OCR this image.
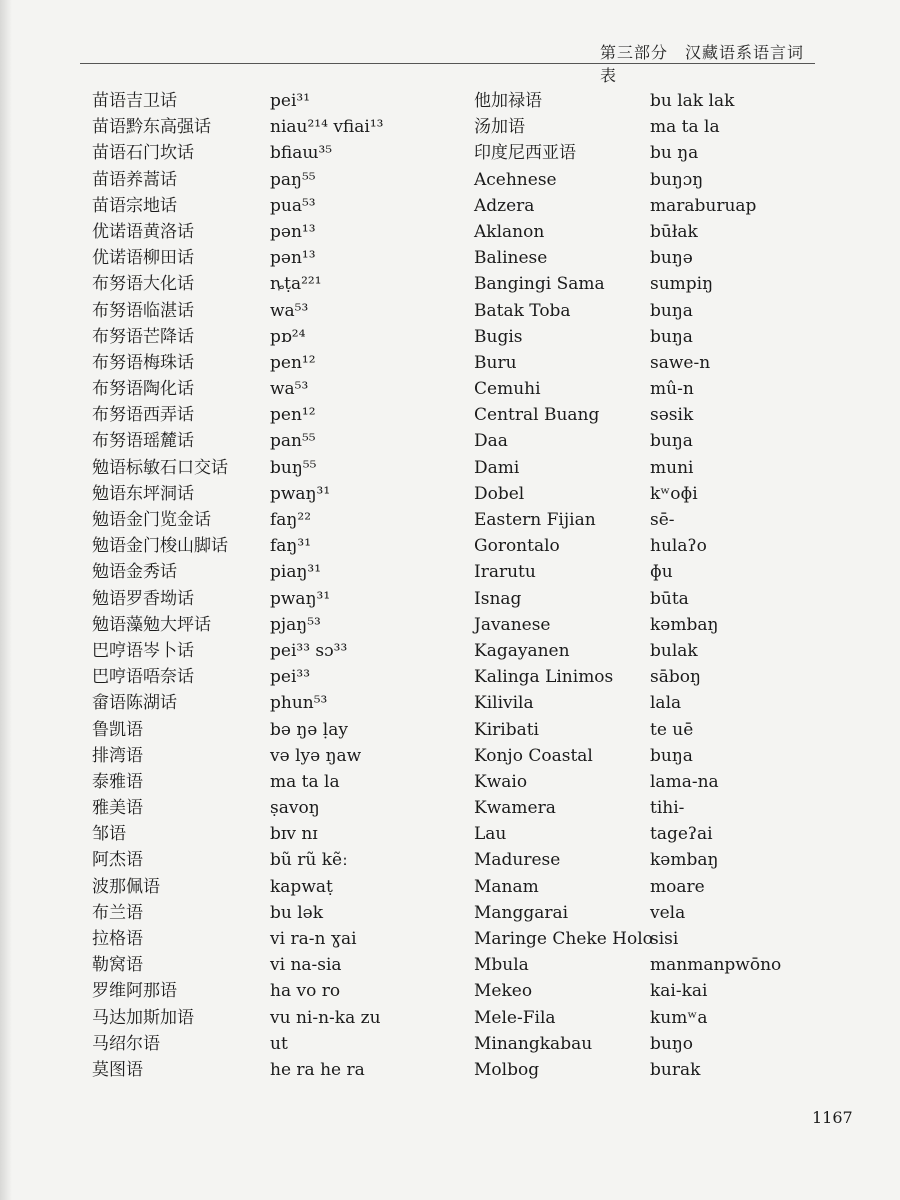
第三部分　汉藏语系语言词表
苗语吉卫话
苗语黔东高强话
苗语石门坎话
苗语养蒿话
苗语宗地话
优诺语黄洛话
优诺语柳田话
布努语大化话
布努语临湛话
布努语芒降话
布努语梅珠话
布努语陶化话
布努语西弄话
布努语瑶麓话
勉语标敏石口交话
勉语东坪洞话
勉语金门览金话
勉语金门梭山脚话
勉语金秀话
勉语罗香坳话
勉语藻勉大坪话
巴哼语岑卜话
巴哼语唔奈话
畲语陈湖话
鲁凯语
排湾语
泰雅语
雅美语
邹语
阿杰语
波那佩语
布兰语
拉格语
勒窝语
罗维阿那语
马达加斯加语
马绍尔语
莫图语
pei³¹
niau²¹⁴ vfiai¹³
bfiaɯ³⁵
paŋ⁵⁵
pua⁵³
pən¹³
pən¹³
ȵṭa²²¹
wa⁵³
pɒ²⁴
pen¹²
wa⁵³
pen¹²
pan⁵⁵
buŋ⁵⁵
pwaŋ³¹
faŋ²²
faŋ³¹
piaŋ³¹
pwaŋ³¹
pjaŋ⁵³
pei³³ sɔ³³
pei³³
phun⁵³
bə ŋə ḷay
və lyə ŋaw
ma ta la
ṣavoŋ
bɪv nɪ
bũ rũ kẽː
kapwaṭ
bu lək
vi ra-n ɣai
vi na-sia
ha vo ro
vu ni-n-ka zu
ut
he ra he ra
他加禄语
汤加语
印度尼西亚语
Acehnese
Adzera
Aklanon
Balinese
Bangingi Sama
Batak Toba
Bugis
Buru
Cemuhi
Central Buang
Daa
Dami
Dobel
Eastern Fijian
Gorontalo
Irarutu
Isnag
Javanese
Kagayanen
Kalinga Linimos
Kilivila
Kiribati
Konjo Coastal
Kwaio
Kwamera
Lau
Madurese
Manam
Manggarai
Maringe Cheke Holo
Mbula
Mekeo
Mele-Fila
Minangkabau
Molbog
bu lak lak
ma ta la
bu ŋa
buŋɔŋ
maraburuap
būłak
buŋə
sumpiŋ
buŋa
buŋa
sawe-n
mû-n
səsik
buŋa
muni
kʷoɸi
sē-
hulaʔo
ɸu
būta
kəmbaŋ
bulak
sāboŋ
lala
te uē
buŋa
lama-na
tihi-
tageʔai
kəmbaŋ
moare
vela
sisi
manmanpwōno
kai-kai
kumʷa
buŋo
burak
1167
